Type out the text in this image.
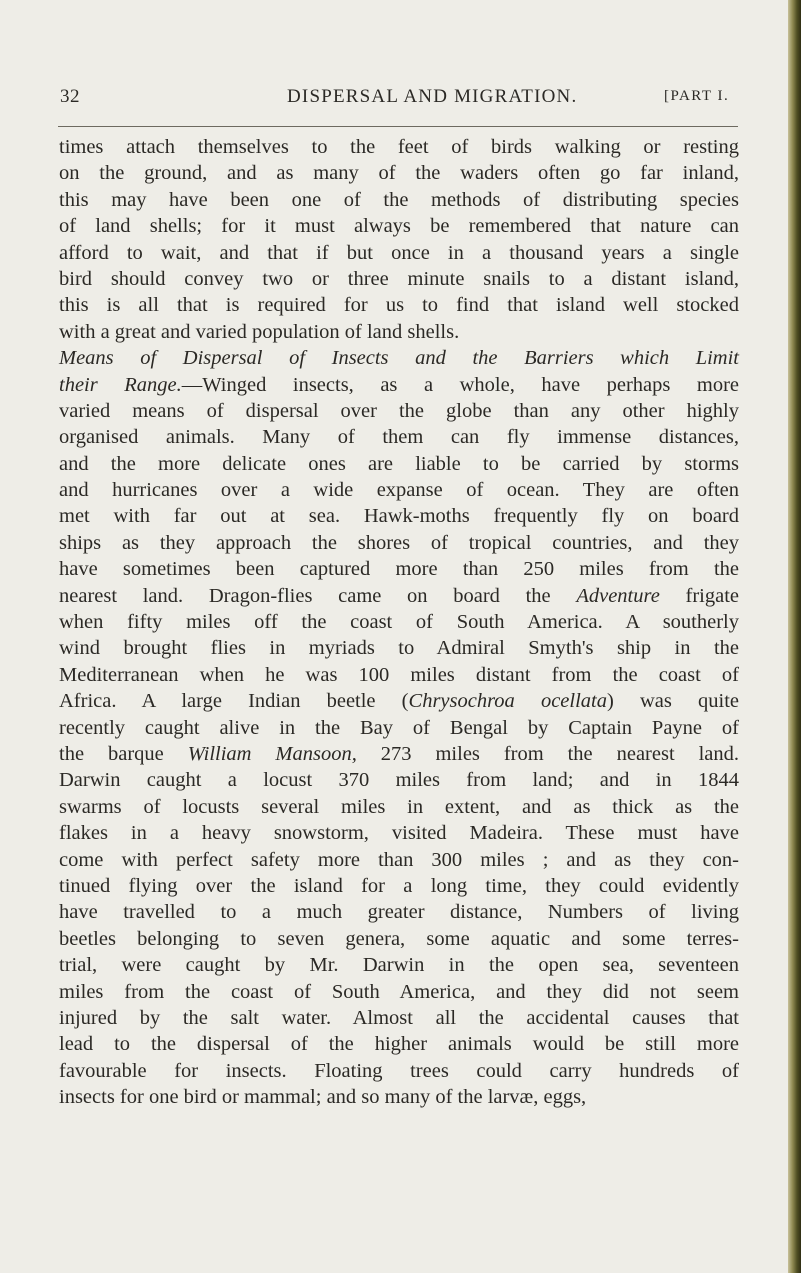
32	DISPERSAL AND MIGRATION.	[PART I.
times attach themselves to the feet of birds walking or resting
on the ground, and as many of the waders often go far inland,
this may have been one of the methods of distributing species
of land shells; for it must always be remembered that nature can
afford to wait, and that if but once in a thousand years a single
bird should convey two or three minute snails to a distant island,
this is all that is required for us to find that island well stocked
with a great and varied population of land shells.
Means of Dispersal of Insects and the Barriers which Limit
their Range.—Winged insects, as a whole, have perhaps more
varied means of dispersal over the globe than any other highly
organised animals. Many of them can fly immense distances,
and the more delicate ones are liable to be carried by storms
and hurricanes over a wide expanse of ocean. They are often
met with far out at sea. Hawk-moths frequently fly on board
ships as they approach the shores of tropical countries, and they
have sometimes been captured more than 250 miles from the
nearest land. Dragon-flies came on board the Adventure frigate
when fifty miles off the coast of South America. A southerly
wind brought flies in myriads to Admiral Smyth's ship in the
Mediterranean when he was 100 miles distant from the coast of
Africa. A large Indian beetle (Chrysochroa ocellata) was quite
recently caught alive in the Bay of Bengal by Captain Payne of
the barque William Mansoon, 273 miles from the nearest land.
Darwin caught a locust 370 miles from land; and in 1844
swarms of locusts several miles in extent, and as thick as the
flakes in a heavy snowstorm, visited Madeira. These must have
come with perfect safety more than 300 miles ; and as they con-
tinued flying over the island for a long time, they could evidently
have travelled to a much greater distance, Numbers of living
beetles belonging to seven genera, some aquatic and some terres-
trial, were caught by Mr. Darwin in the open sea, seventeen
miles from the coast of South America, and they did not seem
injured by the salt water. Almost all the accidental causes that
lead to the dispersal of the higher animals would be still more
favourable for insects. Floating trees could carry hundreds of
insects for one bird or mammal; and so many of the larvæ, eggs,
